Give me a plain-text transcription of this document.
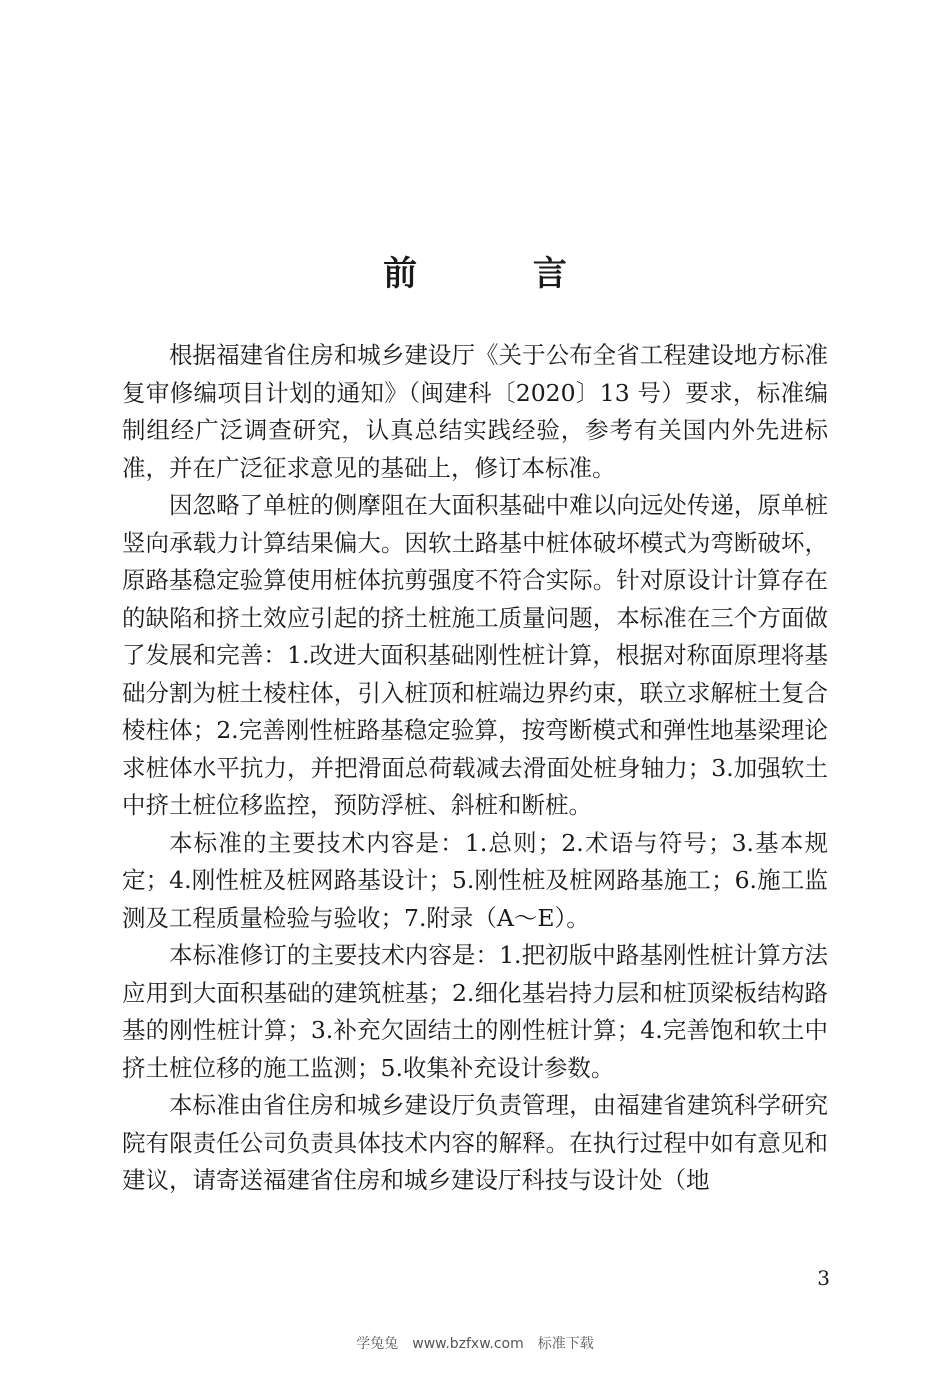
前 言

根据福建省住房和城乡建设厅《关于公布全省工程建设地方标准复审修编项目计划的通知》（闽建科〔2020〕13 号）要求，标准编制组经广泛调查研究，认真总结实践经验，参考有关国内外先进标准，并在广泛征求意见的基础上，修订本标准。

因忽略了单桩的侧摩阻在大面积基础中难以向远处传递，原单桩竖向承载力计算结果偏大。因软土路基中桩体破坏模式为弯断破坏，原路基稳定验算使用桩体抗剪强度不符合实际。针对原设计计算存在的缺陷和挤土效应引起的挤土桩施工质量问题，本标准在三个方面做了发展和完善：1.改进大面积基础刚性桩计算，根据对称面原理将基础分割为桩土棱柱体，引入桩顶和桩端边界约束，联立求解桩土复合棱柱体；2.完善刚性桩路基稳定验算，按弯断模式和弹性地基梁理论求桩体水平抗力，并把滑面总荷载减去滑面处桩身轴力；3.加强软土中挤土桩位移监控，预防浮桩、斜桩和断桩。

本标准的主要技术内容是：1.总则；2.术语与符号；3.基本规定；4.刚性桩及桩网路基设计；5.刚性桩及桩网路基施工；6.施工监测及工程质量检验与验收；7.附录（A～E）。

本标准修订的主要技术内容是：1.把初版中路基刚性桩计算方法应用到大面积基础的建筑桩基；2.细化基岩持力层和桩顶梁板结构路基的刚性桩计算；3.补充欠固结土的刚性桩计算；4.完善饱和软土中挤土桩位移的施工监测；5.收集补充设计参数。

本标准由省住房和城乡建设厅负责管理，由福建省建筑科学研究院有限责任公司负责具体技术内容的解释。在执行过程中如有意见和建议，请寄送福建省住房和城乡建设厅科技与设计处（地

3

学兔兔　www.bzfxw.com　标准下载
